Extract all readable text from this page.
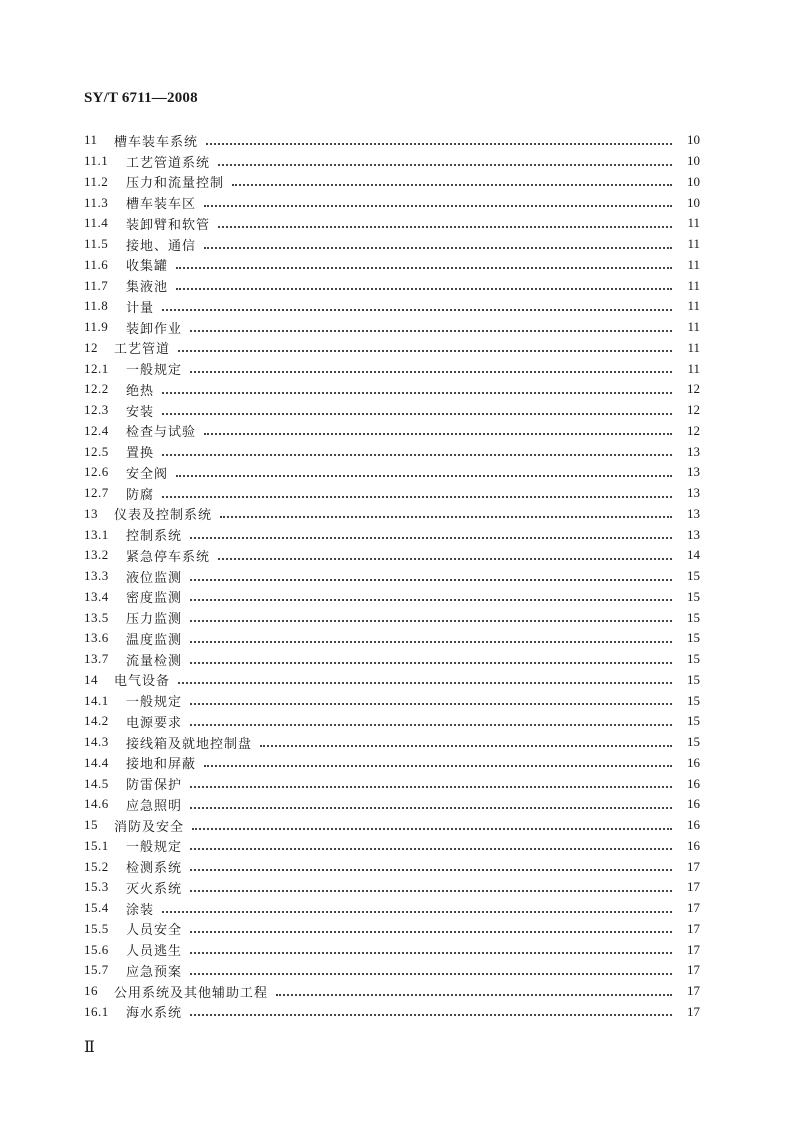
SY/T 6711—2008
11	槽车装车系统	10
11.1	工艺管道系统	10
11.2	压力和流量控制	10
11.3	槽车装车区	10
11.4	装卸臂和软管	11
11.5	接地、通信	11
11.6	收集罐	11
11.7	集液池	11
11.8	计量	11
11.9	装卸作业	11
12	工艺管道	11
12.1	一般规定	11
12.2	绝热	12
12.3	安装	12
12.4	检查与试验	12
12.5	置换	13
12.6	安全阀	13
12.7	防腐	13
13	仪表及控制系统	13
13.1	控制系统	13
13.2	紧急停车系统	14
13.3	液位监测	15
13.4	密度监测	15
13.5	压力监测	15
13.6	温度监测	15
13.7	流量检测	15
14	电气设备	15
14.1	一般规定	15
14.2	电源要求	15
14.3	接线箱及就地控制盘	15
14.4	接地和屏蔽	16
14.5	防雷保护	16
14.6	应急照明	16
15	消防及安全	16
15.1	一般规定	16
15.2	检测系统	17
15.3	灭火系统	17
15.4	涂装	17
15.5	人员安全	17
15.6	人员逃生	17
15.7	应急预案	17
16	公用系统及其他辅助工程	17
16.1	海水系统	17
Ⅱ
